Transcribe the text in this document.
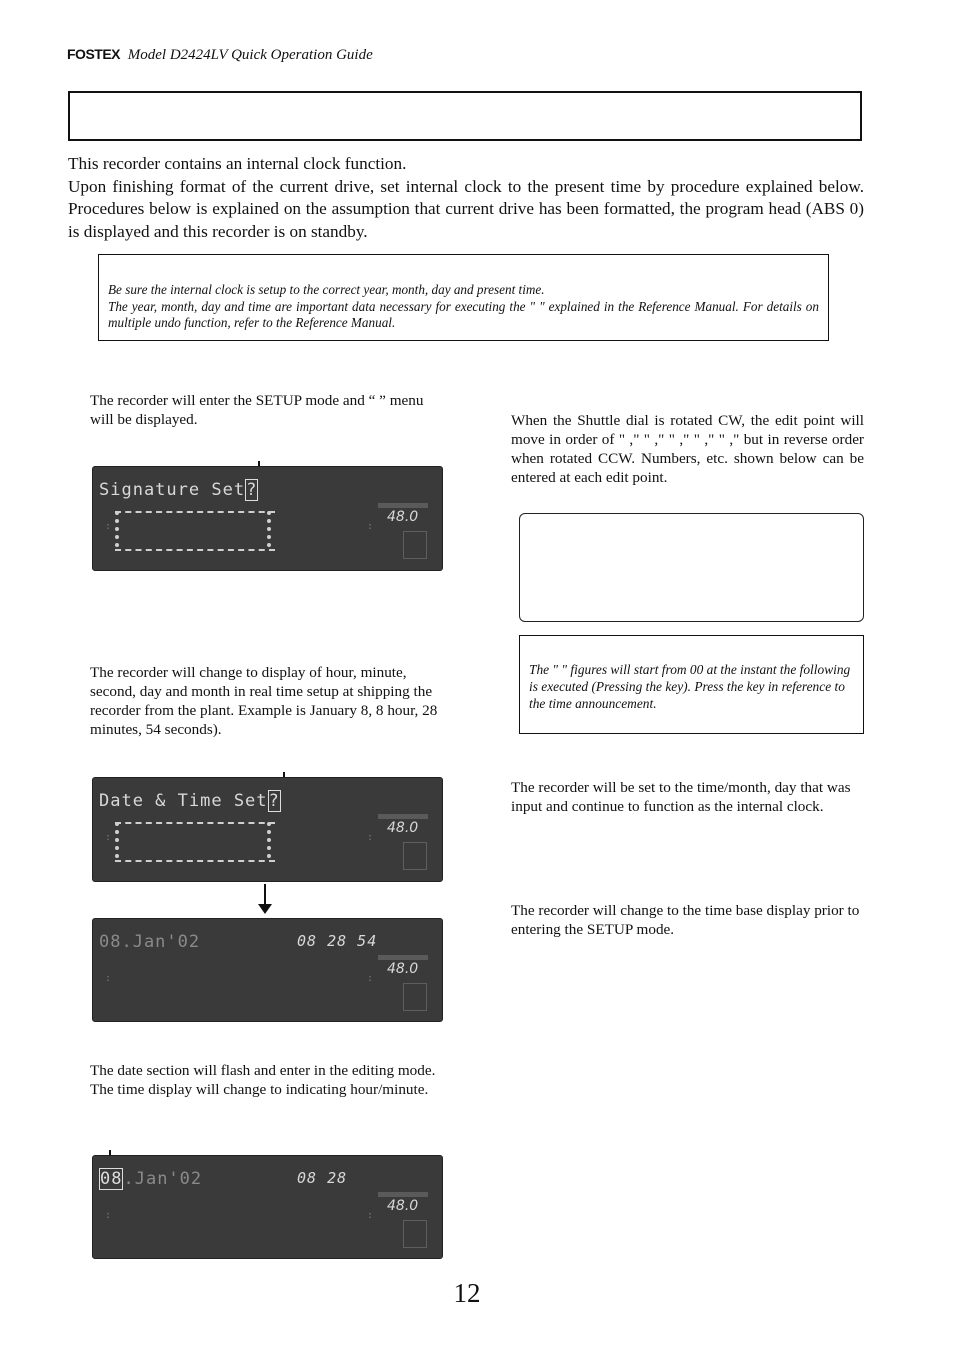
FOSTEX Model D2424LV Quick Operation Guide
This recorder contains an internal clock function.
Upon finishing format of the current drive, set internal clock to the present time by procedure explained below. Procedures below is explained on the assumption that current drive has been formatted, the program head (ABS 0) is displayed and this recorder is on standby.
Be sure the internal clock is setup to the correct year, month, day and present time.
The year, month, day and time are important data necessary for executing the " " explained in the Reference Manual. For details on multiple undo function, refer to the Reference Manual.
The recorder will enter the SETUP mode and “ ” menu will be displayed.
Signature Set?
48.0
:	:
The recorder will change to display of hour, minute, second, day and month in real time setup at shipping the recorder from the plant. Example is January 8, 8 hour, 28 minutes, 54 seconds).
Date & Time Set?
48.0
:	:
08.Jan'02	08 28 54
48.0
:	:
The date section will flash and enter in the editing mode. The time display will change to indicating hour/minute.
08.Jan'02	08 28
48.0
:	:
When the Shuttle dial is rotated CW, the edit point will move in order of " ," " ," " ," " ," " ," but in reverse order when rotated CCW. Numbers, etc. shown below can be entered at each edit point.
The " " figures will start from 00 at the instant the following is executed (Pressing the key). Press the key in reference to the time announcement.
The recorder will be set to the time/month, day that was input and continue to function as the internal clock.
The recorder will change to the time base display prior to entering the SETUP mode.
12
